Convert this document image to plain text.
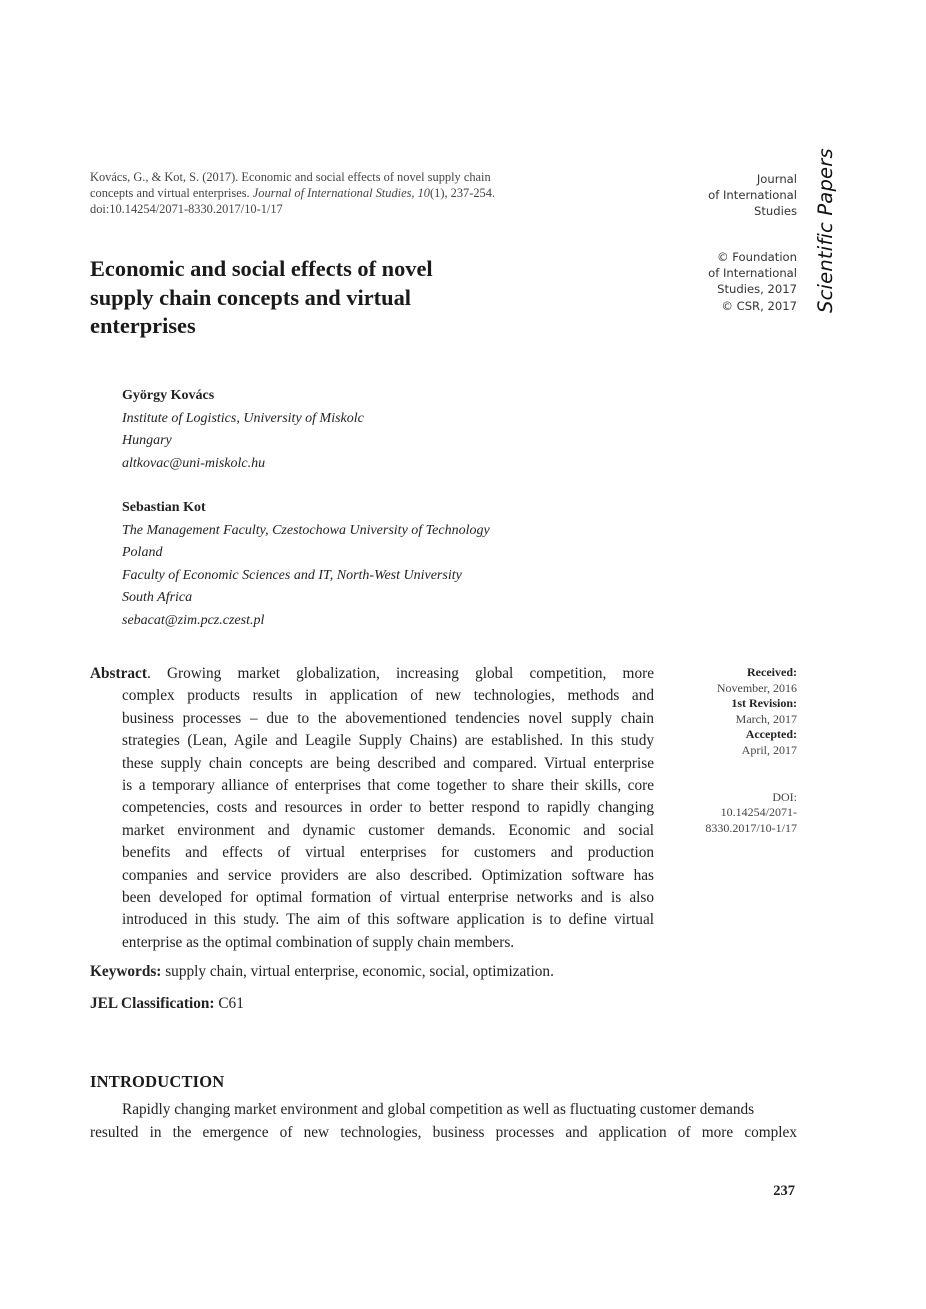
Kovács, G., & Kot, S. (2017). Economic and social effects of novel supply chain
concepts and virtual enterprises. Journal of International Studies, 10(1), 237-254.
doi:10.14254/2071-8330.2017/10-1/17
Journal
of International
Studies
© Foundation
of International
Studies, 2017
© CSR, 2017 Scientific Papers
Economic and social effects of novel
supply chain concepts and virtual
enterprises
György Kovács
Institute of Logistics, University of Miskolc
Hungary
altkovac@uni-miskolc.hu
Sebastian Kot
The Management Faculty, Czestochowa University of Technology
Poland
Faculty of Economic Sciences and IT, North-West University
South Africa
sebacat@zim.pcz.czest.pl
Abstract. Growing market globalization, increasing global competition, more
complex products results in application of new technologies, methods and
business processes – due to the abovementioned tendencies novel supply chain
strategies (Lean, Agile and Leagile Supply Chains) are established. In this study
these supply chain concepts are being described and compared. Virtual enterprise
is a temporary alliance of enterprises that come together to share their skills, core
competencies, costs and resources in order to better respond to rapidly changing
market environment and dynamic customer demands. Economic and social
benefits and effects of virtual enterprises for customers and production
companies and service providers are also described. Optimization software has
been developed for optimal formation of virtual enterprise networks and is also
introduced in this study. The aim of this software application is to define virtual
enterprise as the optimal combination of supply chain members.
Received:
November, 2016
1st Revision:
March, 2017
Accepted:
April, 2017
DOI:
10.14254/2071-
8330.2017/10-1/17
Keywords: supply chain, virtual enterprise, economic, social, optimization.
JEL Classification: C61
INTRODUCTION
Rapidly changing market environment and global competition as well as fluctuating customer demands
resulted in the emergence of new technologies, business processes and application of more complex
237
